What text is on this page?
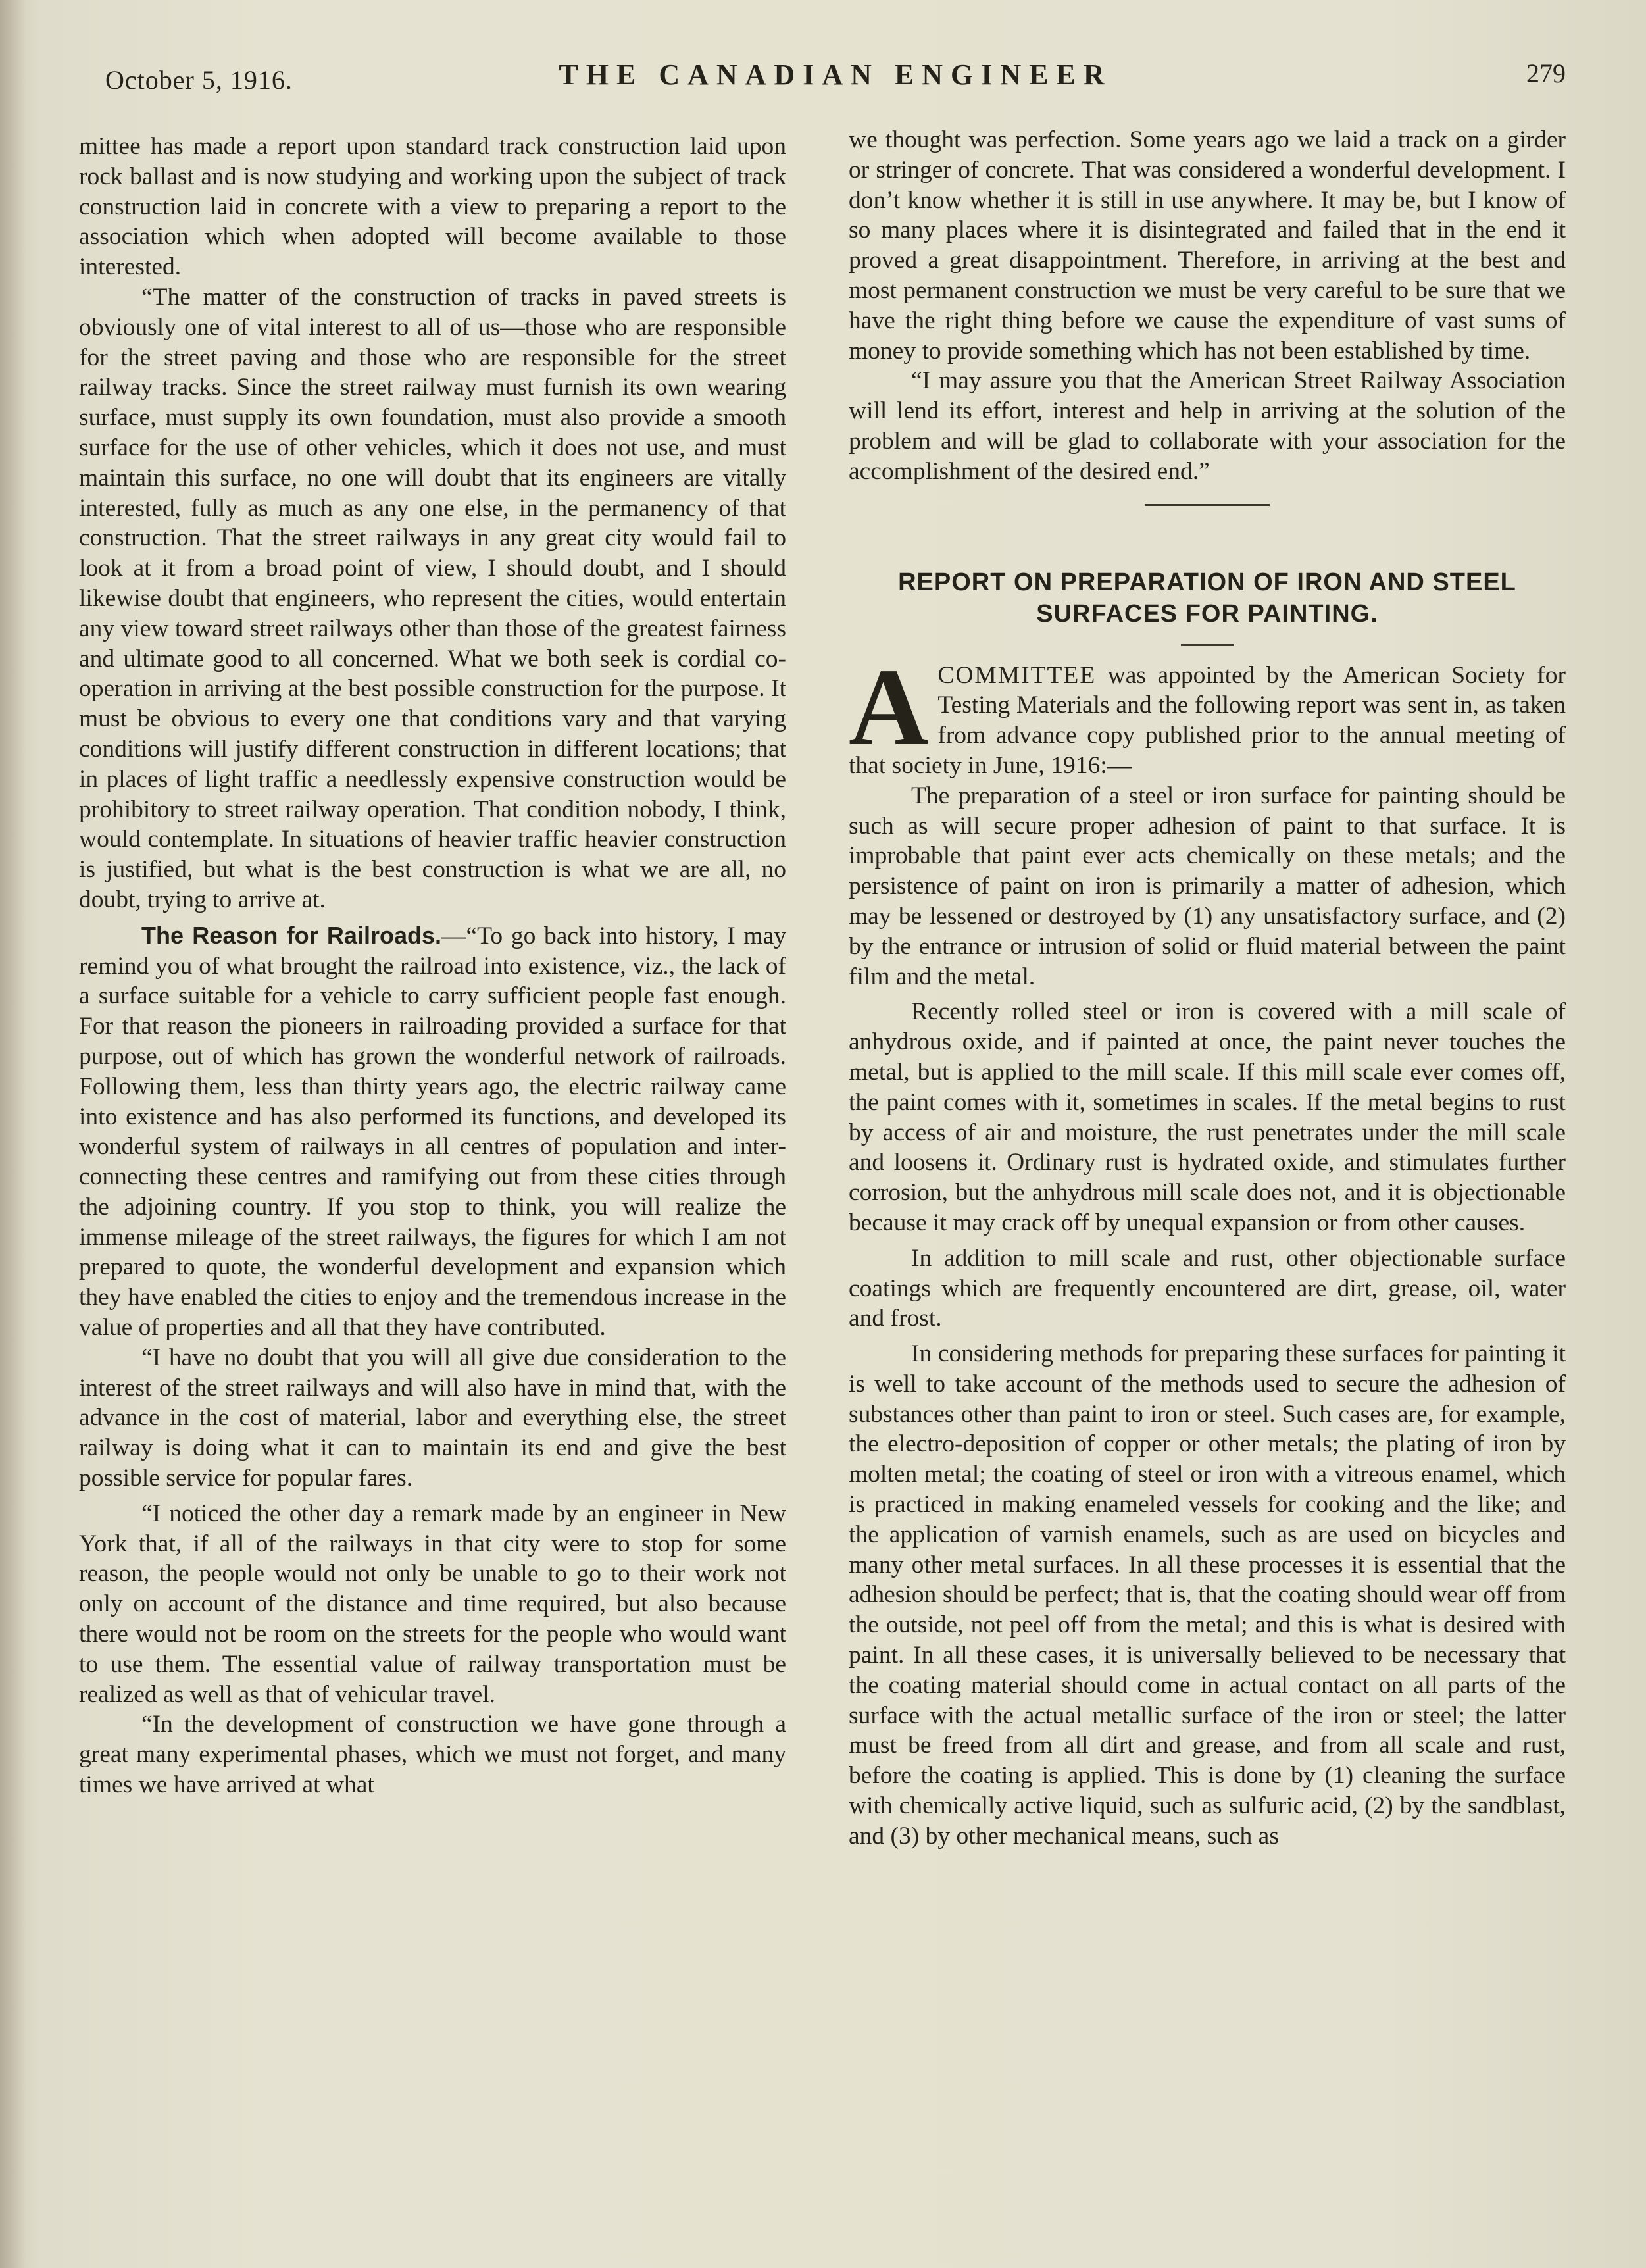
October 5, 1916.	THE CANADIAN ENGINEER	279

mittee has made a report upon standard track construction laid upon rock ballast and is now studying and working upon the subject of track construction laid in concrete with a view to preparing a report to the association which when adopted will become available to those interested.

“The matter of the construction of tracks in paved streets is obviously one of vital interest to all of us—those who are responsible for the street paving and those who are responsible for the street railway tracks. Since the street railway must furnish its own wearing surface, must supply its own foundation, must also provide a smooth surface for the use of other vehicles, which it does not use, and must maintain this surface, no one will doubt that its engineers are vitally interested, fully as much as any one else, in the permanency of that construction. That the street railways in any great city would fail to look at it from a broad point of view, I should doubt, and I should likewise doubt that engineers, who represent the cities, would entertain any view toward street railways other than those of the greatest fairness and ultimate good to all concerned. What we both seek is cordial co-operation in arriving at the best possible construction for the purpose. It must be obvious to every one that conditions vary and that varying conditions will justify different construction in different locations; that in places of light traffic a needlessly expensive construction would be prohibitory to street railway operation. That condition nobody, I think, would contemplate. In situations of heavier traffic heavier construction is justified, but what is the best construction is what we are all, no doubt, trying to arrive at.

The Reason for Railroads.—“To go back into history, I may remind you of what brought the railroad into existence, viz., the lack of a surface suitable for a vehicle to carry sufficient people fast enough. For that reason the pioneers in railroading provided a surface for that purpose, out of which has grown the wonderful network of railroads. Following them, less than thirty years ago, the electric railway came into existence and has also performed its functions, and developed its wonderful system of railways in all centres of population and inter-connecting these centres and ramifying out from these cities through the adjoining country. If you stop to think, you will realize the immense mileage of the street railways, the figures for which I am not prepared to quote, the wonderful development and expansion which they have enabled the cities to enjoy and the tremendous increase in the value of properties and all that they have contributed.

“I have no doubt that you will all give due consideration to the interest of the street railways and will also have in mind that, with the advance in the cost of material, labor and everything else, the street railway is doing what it can to maintain its end and give the best possible service for popular fares.

“I noticed the other day a remark made by an engineer in New York that, if all of the railways in that city were to stop for some reason, the people would not only be unable to go to their work not only on account of the distance and time required, but also because there would not be room on the streets for the people who would want to use them. The essential value of railway transportation must be realized as well as that of vehicular travel.

“In the development of construction we have gone through a great many experimental phases, which we must not forget, and many times we have arrived at what

we thought was perfection. Some years ago we laid a track on a girder or stringer of concrete. That was considered a wonderful development. I don’t know whether it is still in use anywhere. It may be, but I know of so many places where it is disintegrated and failed that in the end it proved a great disappointment. Therefore, in arriving at the best and most permanent construction we must be very careful to be sure that we have the right thing before we cause the expenditure of vast sums of money to provide something which has not been established by time.

“I may assure you that the American Street Railway Association will lend its effort, interest and help in arriving at the solution of the problem and will be glad to collaborate with your association for the accomplishment of the desired end.”

REPORT ON PREPARATION OF IRON AND STEEL
SURFACES FOR PAINTING.

ACOMMITTEE was appointed by the American Society for Testing Materials and the following report was sent in, as taken from advance copy published prior to the annual meeting of that society in June, 1916:—

The preparation of a steel or iron surface for painting should be such as will secure proper adhesion of paint to that surface. It is improbable that paint ever acts chemically on these metals; and the persistence of paint on iron is primarily a matter of adhesion, which may be lessened or destroyed by (1) any unsatisfactory surface, and (2) by the entrance or intrusion of solid or fluid material between the paint film and the metal.

Recently rolled steel or iron is covered with a mill scale of anhydrous oxide, and if painted at once, the paint never touches the metal, but is applied to the mill scale. If this mill scale ever comes off, the paint comes with it, sometimes in scales. If the metal begins to rust by access of air and moisture, the rust penetrates under the mill scale and loosens it. Ordinary rust is hydrated oxide, and stimulates further corrosion, but the anhydrous mill scale does not, and it is objectionable because it may crack off by unequal expansion or from other causes.

In addition to mill scale and rust, other objectionable surface coatings which are frequently encountered are dirt, grease, oil, water and frost.

In considering methods for preparing these surfaces for painting it is well to take account of the methods used to secure the adhesion of substances other than paint to iron or steel. Such cases are, for example, the electro-deposition of copper or other metals; the plating of iron by molten metal; the coating of steel or iron with a vitreous enamel, which is practiced in making enameled vessels for cooking and the like; and the application of varnish enamels, such as are used on bicycles and many other metal surfaces. In all these processes it is essential that the adhesion should be perfect; that is, that the coating should wear off from the outside, not peel off from the metal; and this is what is desired with paint. In all these cases, it is universally believed to be necessary that the coating material should come in actual contact on all parts of the surface with the actual metallic surface of the iron or steel; the latter must be freed from all dirt and grease, and from all scale and rust, before the coating is applied. This is done by (1) cleaning the surface with chemically active liquid, such as sulfuric acid, (2) by the sandblast, and (3) by other mechanical means, such as
